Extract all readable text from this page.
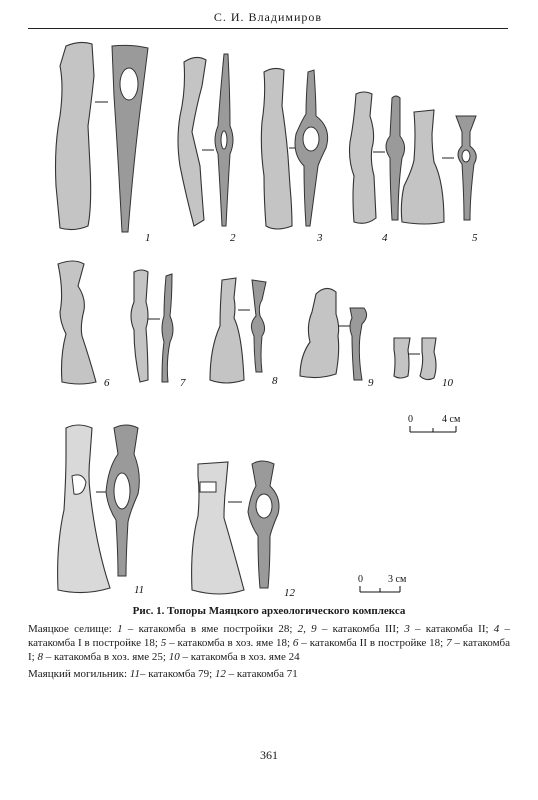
С. И. Владимиров
1	2	3	4	5
6	7	8	9	10
0	4 см
11	12
0	3 см
Рис. 1. Топоры Маяцкого археологического комплекса

Маяцкое селище: 1 – катакомба в яме постройки 28; 2, 9 – катакомба III; 3 – катакомба II; 4 – катакомба I в постройке 18; 5 – катакомба в хоз. яме 18; 6 – катакомба II в постройке 18; 7 – катакомба I; 8 – катакомба в хоз. яме 25; 10 – катакомба в хоз. яме 24

Маяцкий могильник: 11– катакомба 79; 12 – катакомба 71

361
